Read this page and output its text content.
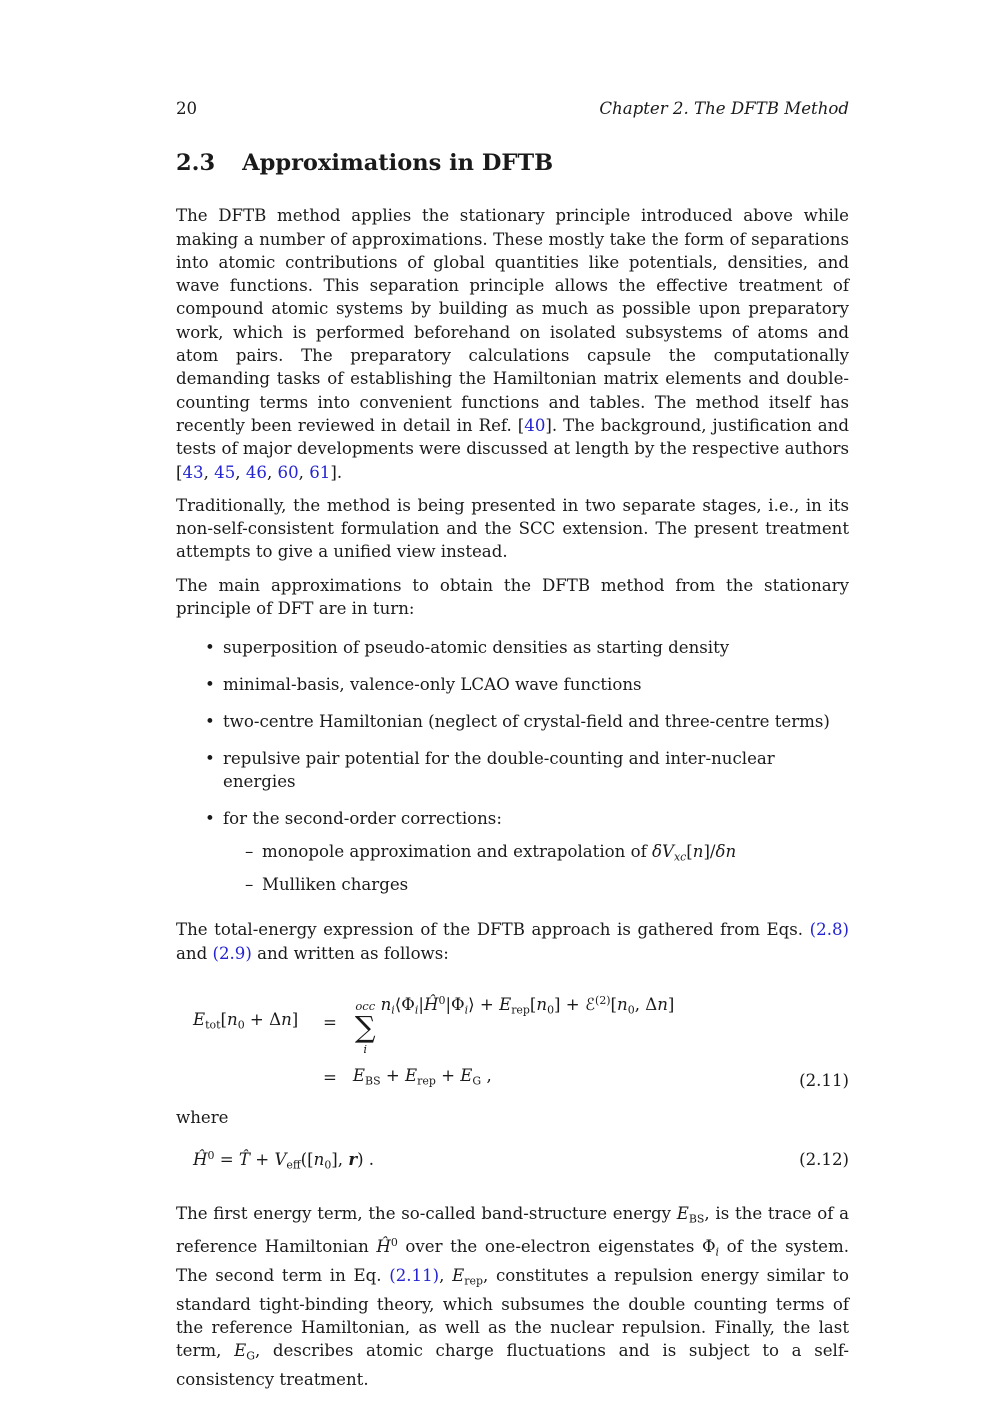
20	Chapter 2. The DFTB Method
2.3 Approximations in DFTB

The DFTB method applies the stationary principle introduced above while making a number of approximations. These mostly take the form of separations into atomic contributions of global quantities like potentials, densities, and wave functions. This separation principle allows the effective treatment of compound atomic systems by building as much as possible upon preparatory work, which is performed beforehand on isolated subsystems of atoms and atom pairs. The preparatory calculations capsule the computationally demanding tasks of establishing the Hamiltonian matrix elements and double-counting terms into convenient functions and tables. The method itself has recently been reviewed in detail in Ref. [40]. The background, justification and tests of major developments were discussed at length by the respective authors [43, 45, 46, 60, 61].

Traditionally, the method is being presented in two separate stages, i.e., in its non-self-consistent formulation and the SCC extension. The present treatment attempts to give a unified view instead.

The main approximations to obtain the DFTB method from the stationary principle of DFT are in turn:

• superposition of pseudo-atomic densities as starting density
• minimal-basis, valence-only LCAO wave functions
• two-centre Hamiltonian (neglect of crystal-field and three-centre terms)
• repulsive pair potential for the double-counting and inter-nuclear energies
• for the second-order corrections:
– monopole approximation and extrapolation of $\delta V_{xc}[n]/\delta n$
– Mulliken charges

The total-energy expression of the DFTB approach is gathered from Eqs. (2.8) and (2.9) and written as follows:

$E_{tot}[n_0 + \Delta n]$	=
occ
∑
i
$n_i⟨\Phi_i|Ĥ^0|\Phi_i⟩ + E_{rep}[n_0]$ + $ℰ^{(2)}[n_0$, Δn]
= $E_{BS} + E_{rep} + E_G$ ,	(2.11)

where

$Ĥ^0$ = T̂ + $V_{eff}([n_0]$, r) .	(2.12)

The first energy term, the so-called band-structure energy $E_{BS}$, is the trace of a reference Hamiltonian $Ĥ^0$ over the one-electron eigenstates $\Phi_i$ of the system. The second term in Eq. (2.11), $E_{rep}$, constitutes a repulsion energy similar to standard tight-binding theory, which subsumes the double counting terms of the reference Hamiltonian, as well as the nuclear repulsion. Finally, the last term, $E_G$, describes atomic charge fluctuations and is subject to a self-consistency treatment.
